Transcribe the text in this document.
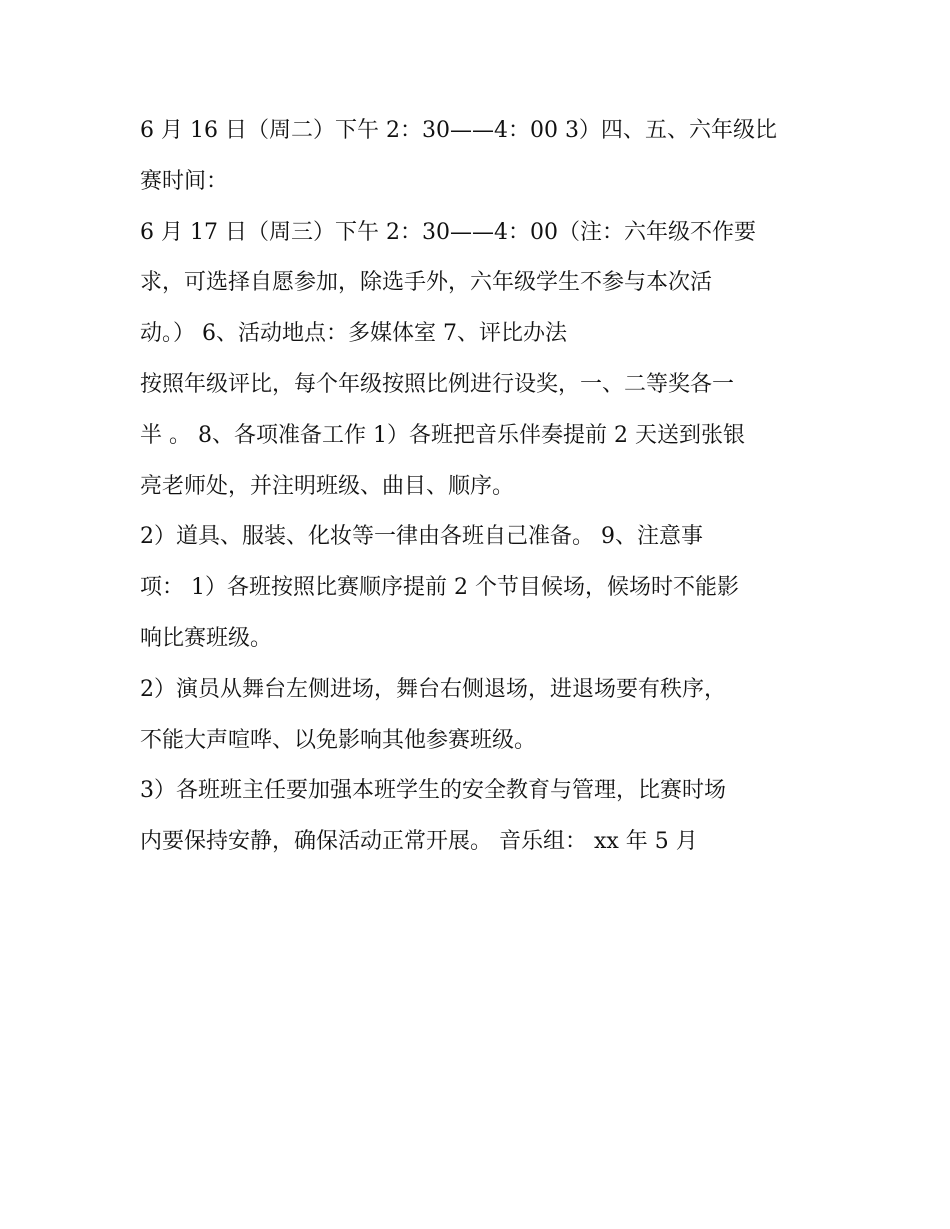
6 月 16 日（周二）下午 2：30——4：00 3）四、五、六年级比
赛时间：
6 月 17 日（周三）下午 2：30——4：00（注：六年级不作要
求，可选择自愿参加，除选手外，六年级学生不参与本次活
动。） 6、活动地点：多媒体室 7、评比办法
按照年级评比，每个年级按照比例进行设奖，一、二等奖各一
半 。 8、各项准备工作 1）各班把音乐伴奏提前 2 天送到张银
亮老师处，并注明班级、曲目、顺序。
2）道具、服装、化妆等一律由各班自己准备。 9、注意事
项： 1）各班按照比赛顺序提前 2 个节目候场，候场时不能影
响比赛班级。
2）演员从舞台左侧进场，舞台右侧退场，进退场要有秩序，
不能大声喧哗、以免影响其他参赛班级。
3）各班班主任要加强本班学生的安全教育与管理，比赛时场
内要保持安静，确保活动正常开展。 音乐组： xx 年 5 月
